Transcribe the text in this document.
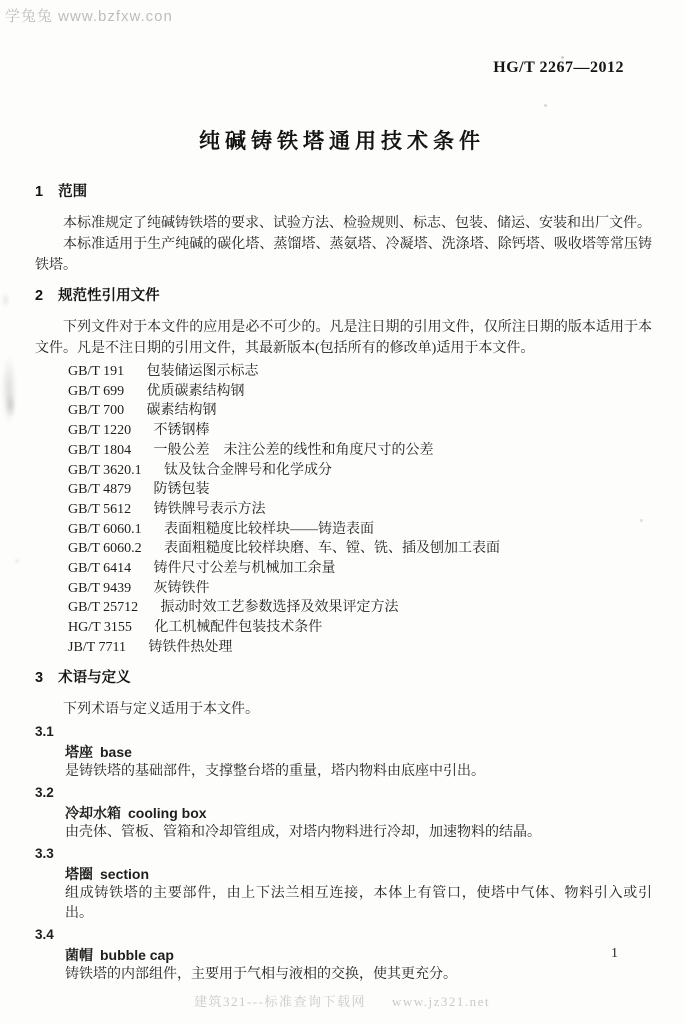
学兔兔 www.bzfxw.con
HG/T 2267—2012
纯碱铸铁塔通用技术条件
1 范围

本标准规定了纯碱铸铁塔的要求、试验方法、检验规则、标志、包装、储运、安装和出厂文件。

本标准适用于生产纯碱的碳化塔、蒸馏塔、蒸氨塔、冷凝塔、洗涤塔、除钙塔、吸收塔等常压铸铁塔。

2 规范性引用文件

下列文件对于本文件的应用是必不可少的。凡是注日期的引用文件，仅所注日期的版本适用于本文件。凡是不注日期的引用文件，其最新版本(包括所有的修改单)适用于本文件。

GB/T 191 包装储运图示标志
GB/T 699 优质碳素结构钢
GB/T 700 碳素结构钢
GB/T 1220 不锈钢棒
GB/T 1804 一般公差　未注公差的线性和角度尺寸的公差
GB/T 3620.1 钛及钛合金牌号和化学成分
GB/T 4879 防锈包装
GB/T 5612 铸铁牌号表示方法
GB/T 6060.1 表面粗糙度比较样块——铸造表面
GB/T 6060.2 表面粗糙度比较样块磨、车、镗、铣、插及刨加工表面
GB/T 6414 铸件尺寸公差与机械加工余量
GB/T 9439 灰铸铁件
GB/T 25712 振动时效工艺参数选择及效果评定方法
HG/T 3155 化工机械配件包装技术条件
JB/T 7711 铸铁件热处理
3 术语与定义

下列术语与定义适用于本文件。

3.1
塔座 base

是铸铁塔的基础部件，支撑整台塔的重量，塔内物料由底座中引出。

3.2
冷却水箱 cooling box

由壳体、管板、管箱和冷却管组成，对塔内物料进行冷却，加速物料的结晶。

3.3
塔圈 section

组成铸铁塔的主要部件，由上下法兰相互连接，本体上有管口，使塔中气体、物料引入或引出。

3.4
菌帽 bubble cap

铸铁塔的内部组件，主要用于气相与液相的交换，使其更充分。

1
建筑321---标准查询下载网 www.jz321.net
